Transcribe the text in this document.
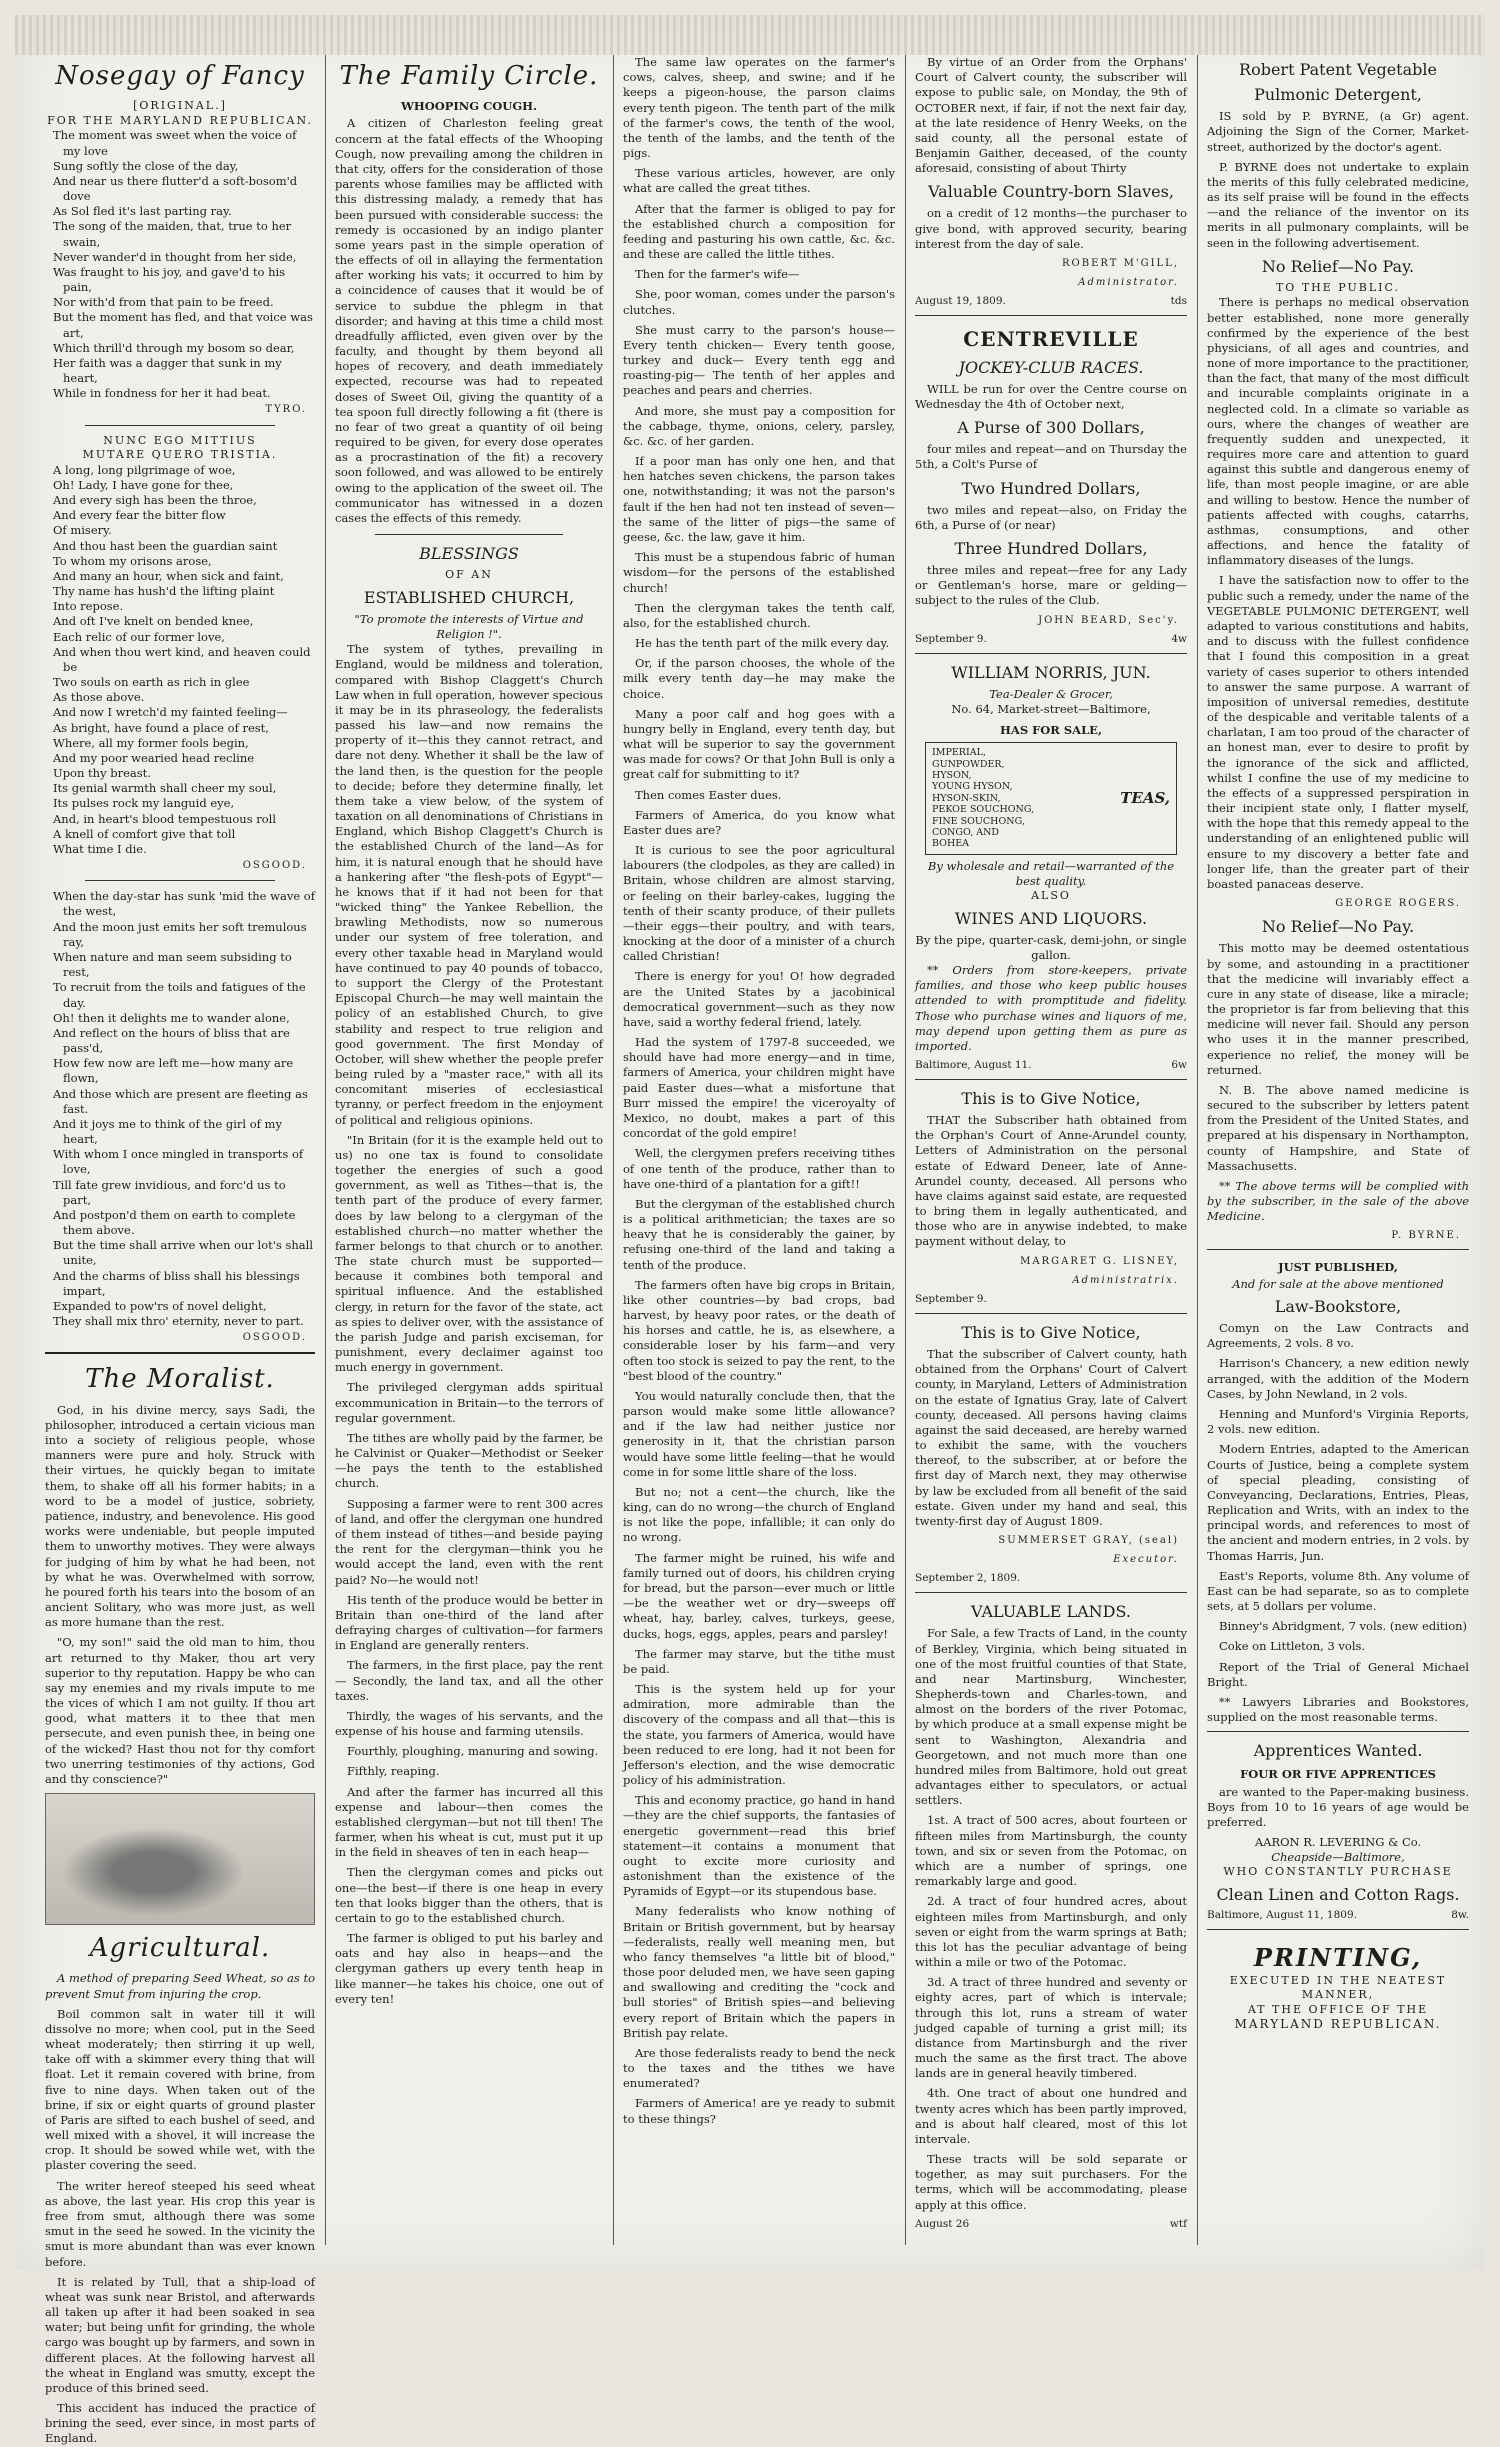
Nosegay of Fancy
[ORIGINAL.]
FOR THE MARYLAND REPUBLICAN.
The moment was sweet when the voice of my love
Sung softly the close of the day,
And near us there flutter'd a soft-bosom'd dove
As Sol fled it's last parting ray.
The song of the maiden, that, true to her swain,
Never wander'd in thought from her side,
Was fraught to his joy, and gave'd to his pain,
Nor with'd from that pain to be freed.
But the moment has fled, and that voice was art,
Which thrill'd through my bosom so dear,
Her faith was a dagger that sunk in my heart,
While in fondness for her it had beat.
TYRO.
NUNC EGO MITTIUS
MUTARE QUERO TRISTIA.
A long, long pilgrimage of woe,
Oh! Lady, I have gone for thee,
And every sigh has been the throe,
And every fear the bitter flow
Of misery.
And thou hast been the guardian saint
To whom my orisons arose,
And many an hour, when sick and faint,
Thy name has hush'd the lifting plaint
Into repose.
And oft I've knelt on bended knee,
Each relic of our former love,
And when thou wert kind, and heaven could be
Two souls on earth as rich in glee
As those above.
And now I wretch'd my fainted feeling—
As bright, have found a place of rest,
Where, all my former fools begin,
And my poor wearied head recline
Upon thy breast.
Its genial warmth shall cheer my soul,
Its pulses rock my languid eye,
And, in heart's blood tempestuous roll
A knell of comfort give that toll
What time I die.
OSGOOD.
When the day-star has sunk 'mid the wave of the west,
And the moon just emits her soft tremulous ray,
When nature and man seem subsiding to rest,
To recruit from the toils and fatigues of the day.
Oh! then it delights me to wander alone,
And reflect on the hours of bliss that are pass'd,
How few now are left me—how many are flown,
And those which are present are fleeting as fast.
And it joys me to think of the girl of my heart,
With whom I once mingled in transports of love,
Till fate grew invidious, and forc'd us to part,
And postpon'd them on earth to complete them above.
But the time shall arrive when our lot's shall unite,
And the charms of bliss shall his blessings impart,
Expanded to pow'rs of novel delight,
They shall mix thro' eternity, never to part.
OSGOOD.
The Moralist.

God, in his divine mercy, says Sadi, the philosopher, introduced a certain vicious man into a society of religious people, whose manners were pure and holy. Struck with their virtues, he quickly began to imitate them, to shake off all his former habits; in a word to be a model of justice, sobriety, patience, industry, and benevolence. His good works were undeniable, but people imputed them to unworthy motives. They were always for judging of him by what he had been, not by what he was. Overwhelmed with sorrow, he poured forth his tears into the bosom of an ancient Solitary, who was more just, as well as more humane than the rest.

"O, my son!" said the old man to him, thou art returned to thy Maker, thou art very superior to thy reputation. Happy be who can say my enemies and my rivals impute to me the vices of which I am not guilty. If thou art good, what matters it to thee that men persecute, and even punish thee, in being one of the wicked? Hast thou not for thy comfort two unerring testimonies of thy actions, God and thy conscience?"

Agricultural.

A method of preparing Seed Wheat, so as to prevent Smut from injuring the crop.

Boil common salt in water till it will dissolve no more; when cool, put in the Seed wheat moderately; then stirring it up well, take off with a skimmer every thing that will float. Let it remain covered with brine, from five to nine days. When taken out of the brine, if six or eight quarts of ground plaster of Paris are sifted to each bushel of seed, and well mixed with a shovel, it will increase the crop. It should be sowed while wet, with the plaster covering the seed.

The writer hereof steeped his seed wheat as above, the last year. His crop this year is free from smut, although there was some smut in the seed he sowed. In the vicinity the smut is more abundant than was ever known before.

It is related by Tull, that a ship-load of wheat was sunk near Bristol, and afterwards all taken up after it had been soaked in sea water; but being unfit for grinding, the whole cargo was bought up by farmers, and sown in different places. At the following harvest all the wheat in England was smutty, except the produce of this brined seed.

This accident has induced the practice of brining the seed, ever since, in most parts of England.

The Family Circle.
WHOOPING COUGH.

A citizen of Charleston feeling great concern at the fatal effects of the Whooping Cough, now prevailing among the children in that city, offers for the consideration of those parents whose families may be afflicted with this distressing malady, a remedy that has been pursued with considerable success: the remedy is occasioned by an indigo planter some years past in the simple operation of the effects of oil in allaying the fermentation after working his vats; it occurred to him by a coincidence of causes that it would be of service to subdue the phlegm in that disorder; and having at this time a child most dreadfully afflicted, even given over by the faculty, and thought by them beyond all hopes of recovery, and death immediately expected, recourse was had to repeated doses of Sweet Oil, giving the quantity of a tea spoon full directly following a fit (there is no fear of two great a quantity of oil being required to be given, for every dose operates as a procrastination of the fit) a recovery soon followed, and was allowed to be entirely owing to the application of the sweet oil. The communicator has witnessed in a dozen cases the effects of this remedy.

BLESSINGS
OF AN
ESTABLISHED CHURCH,
"To promote the interests of Virtue and Religion !".

The system of tythes, prevailing in England, would be mildness and toleration, compared with Bishop Claggett's Church Law when in full operation, however specious it may be in its phraseology, the federalists passed his law—and now remains the property of it—this they cannot retract, and dare not deny. Whether it shall be the law of the land then, is the question for the people to decide; before they determine finally, let them take a view below, of the system of taxation on all denominations of Christians in England, which Bishop Claggett's Church is the established Church of the land—As for him, it is natural enough that he should have a hankering after "the flesh-pots of Egypt"—he knows that if it had not been for that "wicked thing" the Yankee Rebellion, the brawling Methodists, now so numerous under our system of free toleration, and every other taxable head in Maryland would have continued to pay 40 pounds of tobacco, to support the Clergy of the Protestant Episcopal Church—he may well maintain the policy of an established Church, to give stability and respect to true religion and good government. The first Monday of October, will shew whether the people prefer being ruled by a "master race," with all its concomitant miseries of ecclesiastical tyranny, or perfect freedom in the enjoyment of political and religious opinions.

"In Britain (for it is the example held out to us) no one tax is found to consolidate together the energies of such a good government, as well as Tithes—that is, the tenth part of the produce of every farmer, does by law belong to a clergyman of the established church—no matter whether the farmer belongs to that church or to another. The state church must be supported—because it combines both temporal and spiritual influence. And the established clergy, in return for the favor of the state, act as spies to deliver over, with the assistance of the parish Judge and parish exciseman, for punishment, every declaimer against too much energy in government.

The privileged clergyman adds spiritual excommunication in Britain—to the terrors of regular government.

The tithes are wholly paid by the farmer, be he Calvinist or Quaker—Methodist or Seeker—he pays the tenth to the established church.

Supposing a farmer were to rent 300 acres of land, and offer the clergyman one hundred of them instead of tithes—and beside paying the rent for the clergyman—think you he would accept the land, even with the rent paid? No—he would not!

His tenth of the produce would be better in Britain than one-third of the land after defraying charges of cultivation—for farmers in England are generally renters.

The farmers, in the first place, pay the rent— Secondly, the land tax, and all the other taxes.

Thirdly, the wages of his servants, and the expense of his house and farming utensils.

Fourthly, ploughing, manuring and sowing.

Fifthly, reaping.

And after the farmer has incurred all this expense and labour—then comes the established clergyman—but not till then! The farmer, when his wheat is cut, must put it up in the field in sheaves of ten in each heap—

Then the clergyman comes and picks out one—the best—if there is one heap in every ten that looks bigger than the others, that is certain to go to the established church.

The farmer is obliged to put his barley and oats and hay also in heaps—and the clergyman gathers up every tenth heap in like manner—he takes his choice, one out of every ten!

The same law operates on the farmer's cows, calves, sheep, and swine; and if he keeps a pigeon-house, the parson claims every tenth pigeon. The tenth part of the milk of the farmer's cows, the tenth of the wool, the tenth of the lambs, and the tenth of the pigs.

These various articles, however, are only what are called the great tithes.

After that the farmer is obliged to pay for the established church a composition for feeding and pasturing his own cattle, &c. &c. and these are called the little tithes.

Then for the farmer's wife—

She, poor woman, comes under the parson's clutches.

She must carry to the parson's house— Every tenth chicken— Every tenth goose, turkey and duck— Every tenth egg and roasting-pig— The tenth of her apples and peaches and pears and cherries.

And more, she must pay a composition for the cabbage, thyme, onions, celery, parsley, &c. &c. of her garden.

If a poor man has only one hen, and that hen hatches seven chickens, the parson takes one, notwithstanding; it was not the parson's fault if the hen had not ten instead of seven—the same of the litter of pigs—the same of geese, &c. the law, gave it him.

This must be a stupendous fabric of human wisdom—for the persons of the established church!

Then the clergyman takes the tenth calf, also, for the established church.

He has the tenth part of the milk every day.

Or, if the parson chooses, the whole of the milk every tenth day—he may make the choice.

Many a poor calf and hog goes with a hungry belly in England, every tenth day, but what will be superior to say the government was made for cows? Or that John Bull is only a great calf for submitting to it?

Then comes Easter dues.

Farmers of America, do you know what Easter dues are?

It is curious to see the poor agricultural labourers (the clodpoles, as they are called) in Britain, whose children are almost starving, or feeling on their barley-cakes, lugging the tenth of their scanty produce, of their pullets—their eggs—their poultry, and with tears, knocking at the door of a minister of a church called Christian!

There is energy for you! O! how degraded are the United States by a jacobinical democratical government—such as they now have, said a worthy federal friend, lately.

Had the system of 1797-8 succeeded, we should have had more energy—and in time, farmers of America, your children might have paid Easter dues—what a misfortune that Burr missed the empire! the viceroyalty of Mexico, no doubt, makes a part of this concordat of the gold empire!

Well, the clergymen prefers receiving tithes of one tenth of the produce, rather than to have one-third of a plantation for a gift!!

But the clergyman of the established church is a political arithmetician; the taxes are so heavy that he is considerably the gainer, by refusing one-third of the land and taking a tenth of the produce.

The farmers often have big crops in Britain, like other countries—by bad crops, bad harvest, by heavy poor rates, or the death of his horses and cattle, he is, as elsewhere, a considerable loser by his farm—and very often too stock is seized to pay the rent, to the "best blood of the country."

You would naturally conclude then, that the parson would make some little allowance? and if the law had neither justice nor generosity in it, that the christian parson would have some little feeling—that he would come in for some little share of the loss.

But no; not a cent—the church, like the king, can do no wrong—the church of England is not like the pope, infallible; it can only do no wrong.

The farmer might be ruined, his wife and family turned out of doors, his children crying for bread, but the parson—ever much or little—be the weather wet or dry—sweeps off wheat, hay, barley, calves, turkeys, geese, ducks, hogs, eggs, apples, pears and parsley!

The farmer may starve, but the tithe must be paid.

This is the system held up for your admiration, more admirable than the discovery of the compass and all that—this is the state, you farmers of America, would have been reduced to ere long, had it not been for Jefferson's election, and the wise democratic policy of his administration.

This and economy practice, go hand in hand—they are the chief supports, the fantasies of energetic government—read this brief statement—it contains a monument that ought to excite more curiosity and astonishment than the existence of the Pyramids of Egypt—or its stupendous base.

Many federalists who know nothing of Britain or British government, but by hearsay—federalists, really well meaning men, but who fancy themselves "a little bit of blood," those poor deluded men, we have seen gaping and swallowing and crediting the "cock and bull stories" of British spies—and believing every report of Britain which the papers in British pay relate.

Are those federalists ready to bend the neck to the taxes and the tithes we have enumerated?

Farmers of America! are ye ready to submit to these things?

By virtue of an Order from the Orphans' Court of Calvert county, the subscriber will expose to public sale, on Monday, the 9th of OCTOBER next, if fair, if not the next fair day, at the late residence of Henry Weeks, on the said county, all the personal estate of Benjamin Gaither, deceased, of the county aforesaid, consisting of about Thirty

Valuable Country-born Slaves,

on a credit of 12 months—the purchaser to give bond, with approved security, bearing interest from the day of sale.

ROBERT M'GILL,
Administrator.
August 19, 1809.	tds
CENTREVILLE
JOCKEY-CLUB RACES.

WILL be run for over the Centre course on Wednesday the 4th of October next,

A Purse of 300 Dollars,

four miles and repeat—and on Thursday the 5th, a Colt's Purse of

Two Hundred Dollars,

two miles and repeat—also, on Friday the 6th, a Purse of (or near)

Three Hundred Dollars,

three miles and repeat—free for any Lady or Gentleman's horse, mare or gelding—subject to the rules of the Club.

JOHN BEARD, Sec'y.
September 9.	4w
WILLIAM NORRIS, JUN.
Tea-Dealer & Grocer,
No. 64, Market-street—Baltimore,
HAS FOR SALE,
IMPERIAL,
GUNPOWDER,
HYSON,
YOUNG HYSON,
HYSON-SKIN,
PEKOE SOUCHONG,
FINE SOUCHONG,
CONGO, AND
BOHEA
TEAS,
By wholesale and retail—warranted of the best quality.
ALSO
WINES AND LIQUORS.
By the pipe, quarter-cask, demi-john, or single gallon.

** Orders from store-keepers, private families, and those who keep public houses attended to with promptitude and fidelity. Those who purchase wines and liquors of me, may depend upon getting them as pure as imported.

Baltimore, August 11.	6w
This is to Give Notice,

THAT the Subscriber hath obtained from the Orphan's Court of Anne-Arundel county, Letters of Administration on the personal estate of Edward Deneer, late of Anne-Arundel county, deceased. All persons who have claims against said estate, are requested to bring them in legally authenticated, and those who are in anywise indebted, to make payment without delay, to

MARGARET G. LISNEY,
Administratrix.
September 9.
This is to Give Notice,

That the subscriber of Calvert county, hath obtained from the Orphans' Court of Calvert county, in Maryland, Letters of Administration on the estate of Ignatius Gray, late of Calvert county, deceased. All persons having claims against the said deceased, are hereby warned to exhibit the same, with the vouchers thereof, to the subscriber, at or before the first day of March next, they may otherwise by law be excluded from all benefit of the said estate. Given under my hand and seal, this twenty-first day of August 1809.

SUMMERSET GRAY, (seal)
Executor.
September 2, 1809.
VALUABLE LANDS.

For Sale, a few Tracts of Land, in the county of Berkley, Virginia, which being situated in one of the most fruitful counties of that State, and near Martinsburg, Winchester, Shepherds-town and Charles-town, and almost on the borders of the river Potomac, by which produce at a small expense might be sent to Washington, Alexandria and Georgetown, and not much more than one hundred miles from Baltimore, hold out great advantages either to speculators, or actual settlers.

1st. A tract of 500 acres, about fourteen or fifteen miles from Martinsburgh, the county town, and six or seven from the Potomac, on which are a number of springs, one remarkably large and good.

2d. A tract of four hundred acres, about eighteen miles from Martinsburgh, and only seven or eight from the warm springs at Bath; this lot has the peculiar advantage of being within a mile or two of the Potomac.

3d. A tract of three hundred and seventy or eighty acres, part of which is intervale; through this lot, runs a stream of water judged capable of turning a grist mill; its distance from Martinsburgh and the river much the same as the first tract. The above lands are in general heavily timbered.

4th. One tract of about one hundred and twenty acres which has been partly improved, and is about half cleared, most of this lot intervale.

These tracts will be sold separate or together, as may suit purchasers. For the terms, which will be accommodating, please apply at this office.

August 26	wtf
Robert Patent Vegetable
Pulmonic Detergent,

IS sold by P. BYRNE, (a Gr) agent. Adjoining the Sign of the Corner, Market-street, authorized by the doctor's agent.

P. BYRNE does not undertake to explain the merits of this fully celebrated medicine, as its self praise will be found in the effects—and the reliance of the inventor on its merits in all pulmonary complaints, will be seen in the following advertisement.

No Relief—No Pay.
TO THE PUBLIC.

There is perhaps no medical observation better established, none more generally confirmed by the experience of the best physicians, of all ages and countries, and none of more importance to the practitioner, than the fact, that many of the most difficult and incurable complaints originate in a neglected cold. In a climate so variable as ours, where the changes of weather are frequently sudden and unexpected, it requires more care and attention to guard against this subtle and dangerous enemy of life, than most people imagine, or are able and willing to bestow. Hence the number of patients affected with coughs, catarrhs, asthmas, consumptions, and other affections, and hence the fatality of inflammatory diseases of the lungs.

I have the satisfaction now to offer to the public such a remedy, under the name of the VEGETABLE PULMONIC DETERGENT, well adapted to various constitutions and habits, and to discuss with the fullest confidence that I found this composition in a great variety of cases superior to others intended to answer the same purpose. A warrant of imposition of universal remedies, destitute of the despicable and veritable talents of a charlatan, I am too proud of the character of an honest man, ever to desire to profit by the ignorance of the sick and afflicted, whilst I confine the use of my medicine to the effects of a suppressed perspiration in their incipient state only, I flatter myself, with the hope that this remedy appeal to the understanding of an enlightened public will ensure to my discovery a better fate and longer life, than the greater part of their boasted panaceas deserve.

GEORGE ROGERS.
No Relief—No Pay.

This motto may be deemed ostentatious by some, and astounding in a practitioner that the medicine will invariably effect a cure in any state of disease, like a miracle; the proprietor is far from believing that this medicine will never fail. Should any person who uses it in the manner prescribed, experience no relief, the money will be returned.

N. B. The above named medicine is secured to the subscriber by letters patent from the President of the United States, and prepared at his dispensary in Northampton, county of Hampshire, and State of Massachusetts.

** The above terms will be complied with by the subscriber, in the sale of the above Medicine.

P. BYRNE.
JUST PUBLISHED,
And for sale at the above mentioned
Law-Bookstore,

Comyn on the Law Contracts and Agreements, 2 vols. 8 vo.

Harrison's Chancery, a new edition newly arranged, with the addition of the Modern Cases, by John Newland, in 2 vols.

Henning and Munford's Virginia Reports, 2 vols. new edition.

Modern Entries, adapted to the American Courts of Justice, being a complete system of special pleading, consisting of Conveyancing, Declarations, Entries, Pleas, Replication and Writs, with an index to the principal words, and references to most of the ancient and modern entries, in 2 vols. by Thomas Harris, Jun.

East's Reports, volume 8th. Any volume of East can be had separate, so as to complete sets, at 5 dollars per volume.

Binney's Abridgment, 7 vols. (new edition)

Coke on Littleton, 3 vols.

Report of the Trial of General Michael Bright.

** Lawyers Libraries and Bookstores, supplied on the most reasonable terms.

Apprentices Wanted.
FOUR OR FIVE APPRENTICES

are wanted to the Paper-making business. Boys from 10 to 16 years of age would be preferred.

AARON R. LEVERING & Co.
Cheapside—Baltimore,
WHO CONSTANTLY PURCHASE
Clean Linen and Cotton Rags.
Baltimore, August 11, 1809.	8w.
PRINTING,
EXECUTED IN THE NEATEST MANNER,
AT THE OFFICE OF THE
MARYLAND REPUBLICAN.
